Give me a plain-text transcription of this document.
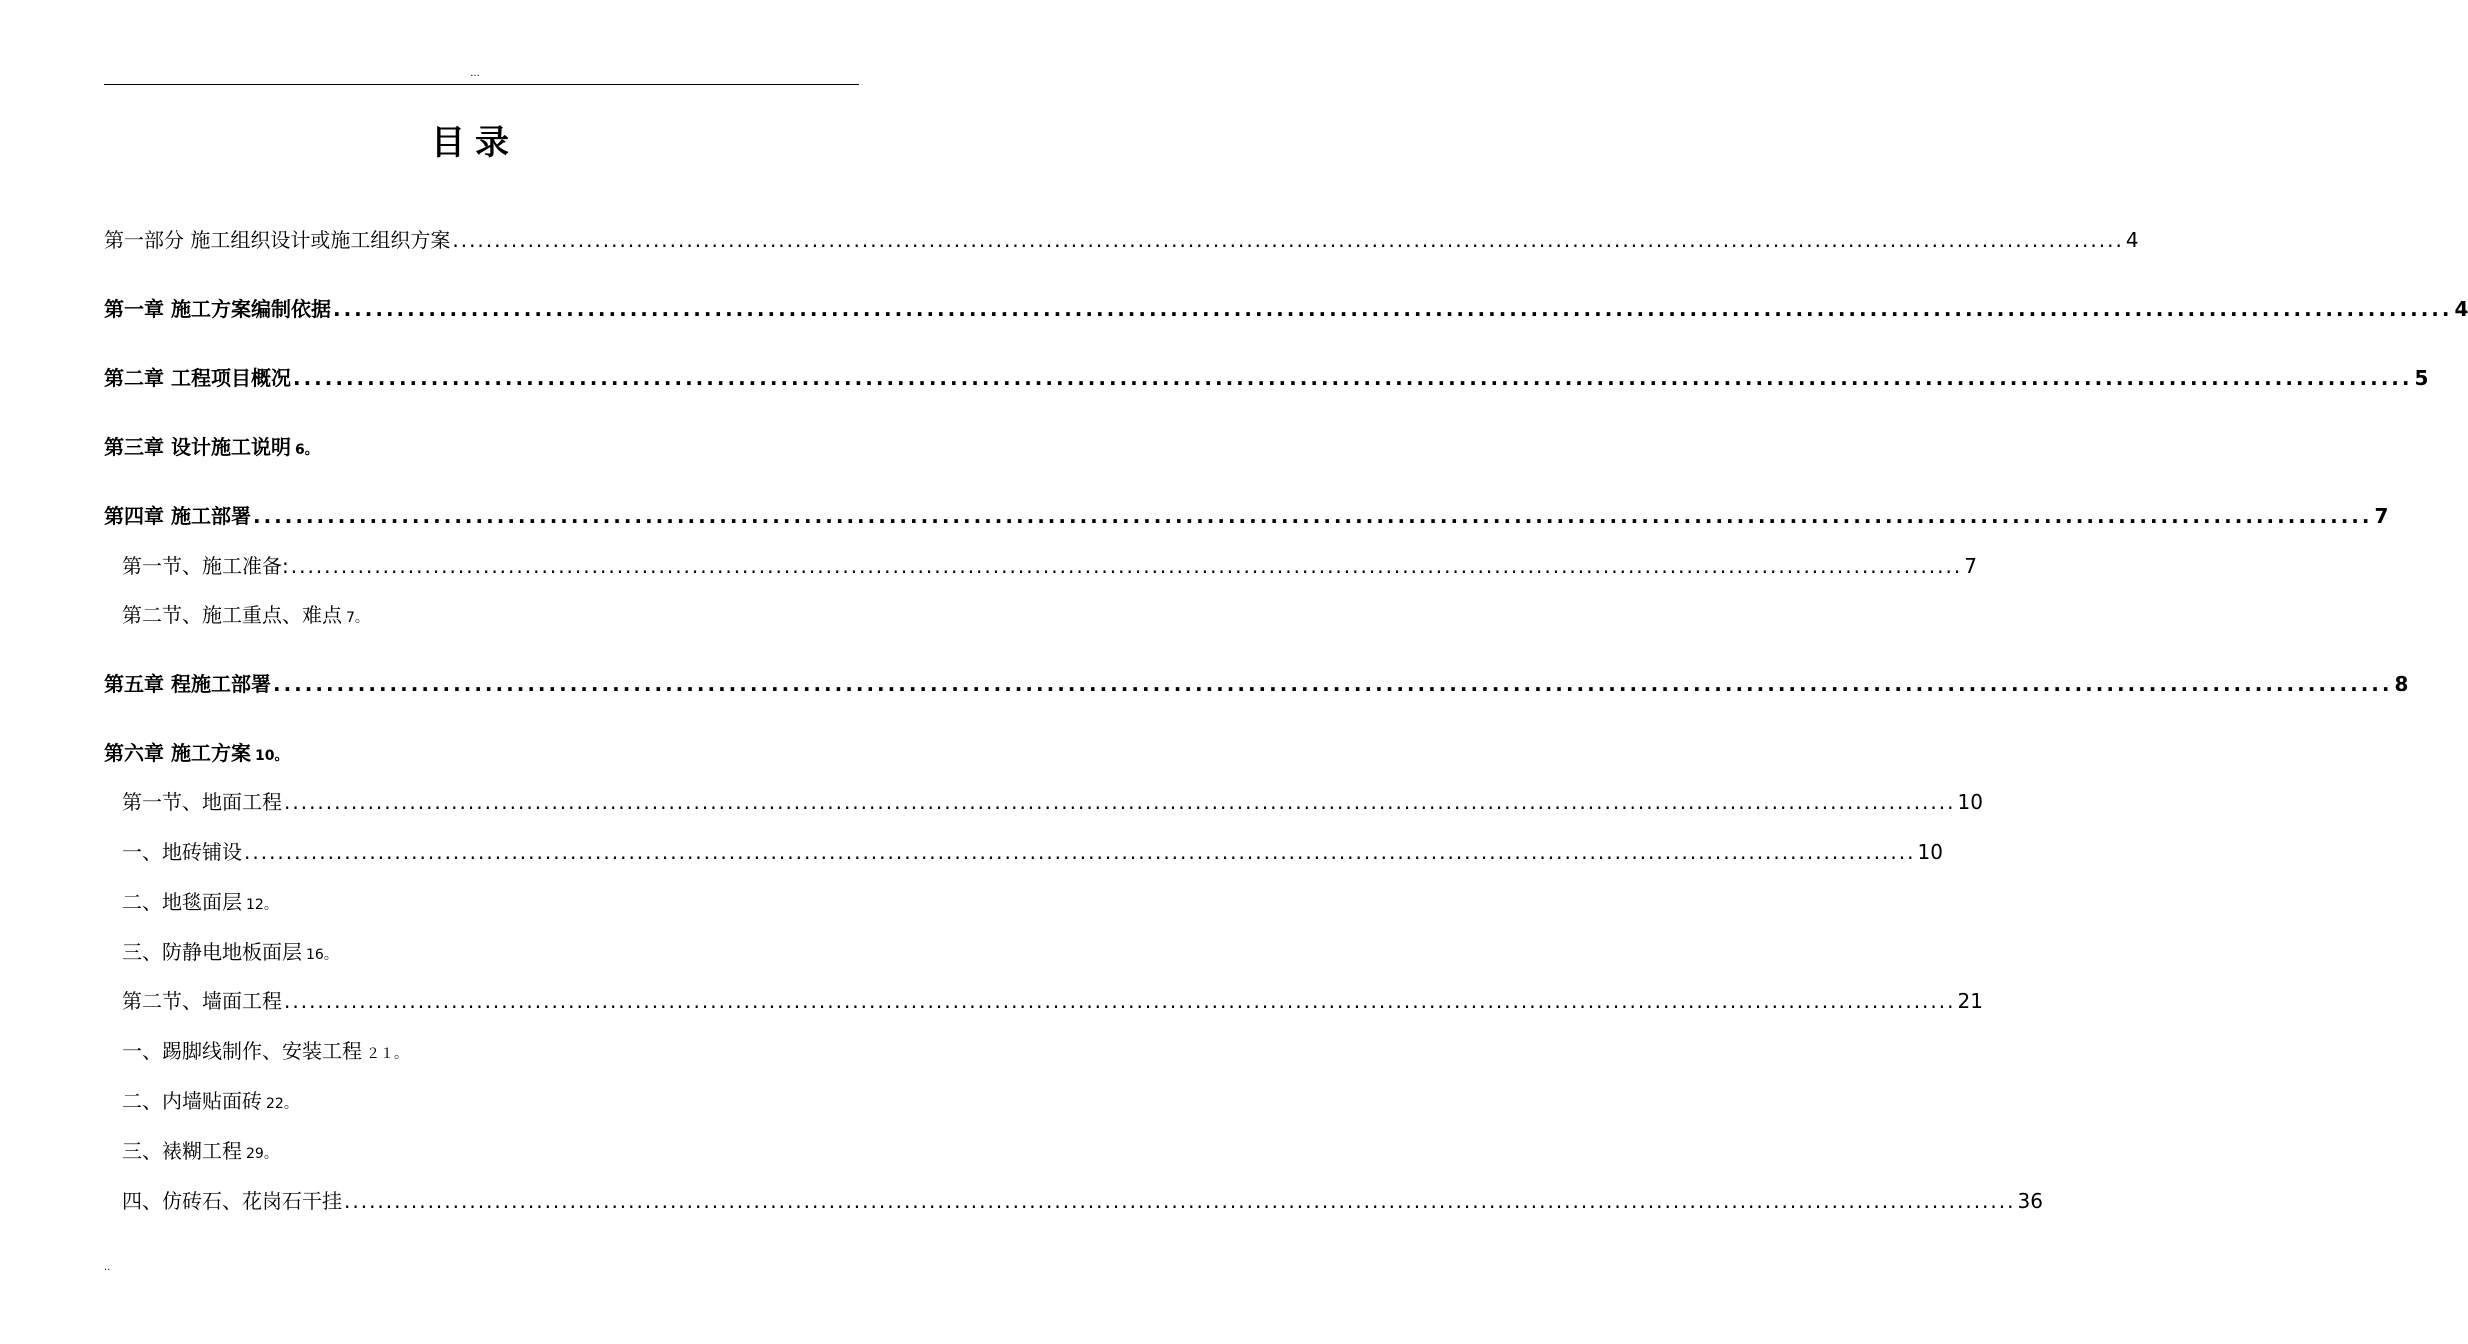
...
目录
第一部分 施工组织设计或施工组织方案 ........................................................................................................................................................................................................ 4
第一章 施工方案编制依据 ........................................................................................................................................................................................................ 4
第二章 工程项目概况 ........................................................................................................................................................................................................ 5
第三章 设计施工说明 6。
第四章 施工部署 ........................................................................................................................................................................................................ 7
第一节、施工准备: ........................................................................................................................................................................................................ 7
第二节、施工重点、难点 7。
第五章 程施工部署 ........................................................................................................................................................................................................ 8
第六章 施工方案 10。
第一节、地面工程 ........................................................................................................................................................................................................ 10
一、地砖铺设 ........................................................................................................................................................................................................ 10
二、地毯面层 12。
三、防静电地板面层 16。
第二节、墙面工程 ........................................................................................................................................................................................................ 21
一、踢脚线制作、安装工程 ２１。
二、内墙贴面砖 22。
三、裱糊工程 29。
四、仿砖石、花岗石干挂 ........................................................................................................................................................................................................ 36
..
